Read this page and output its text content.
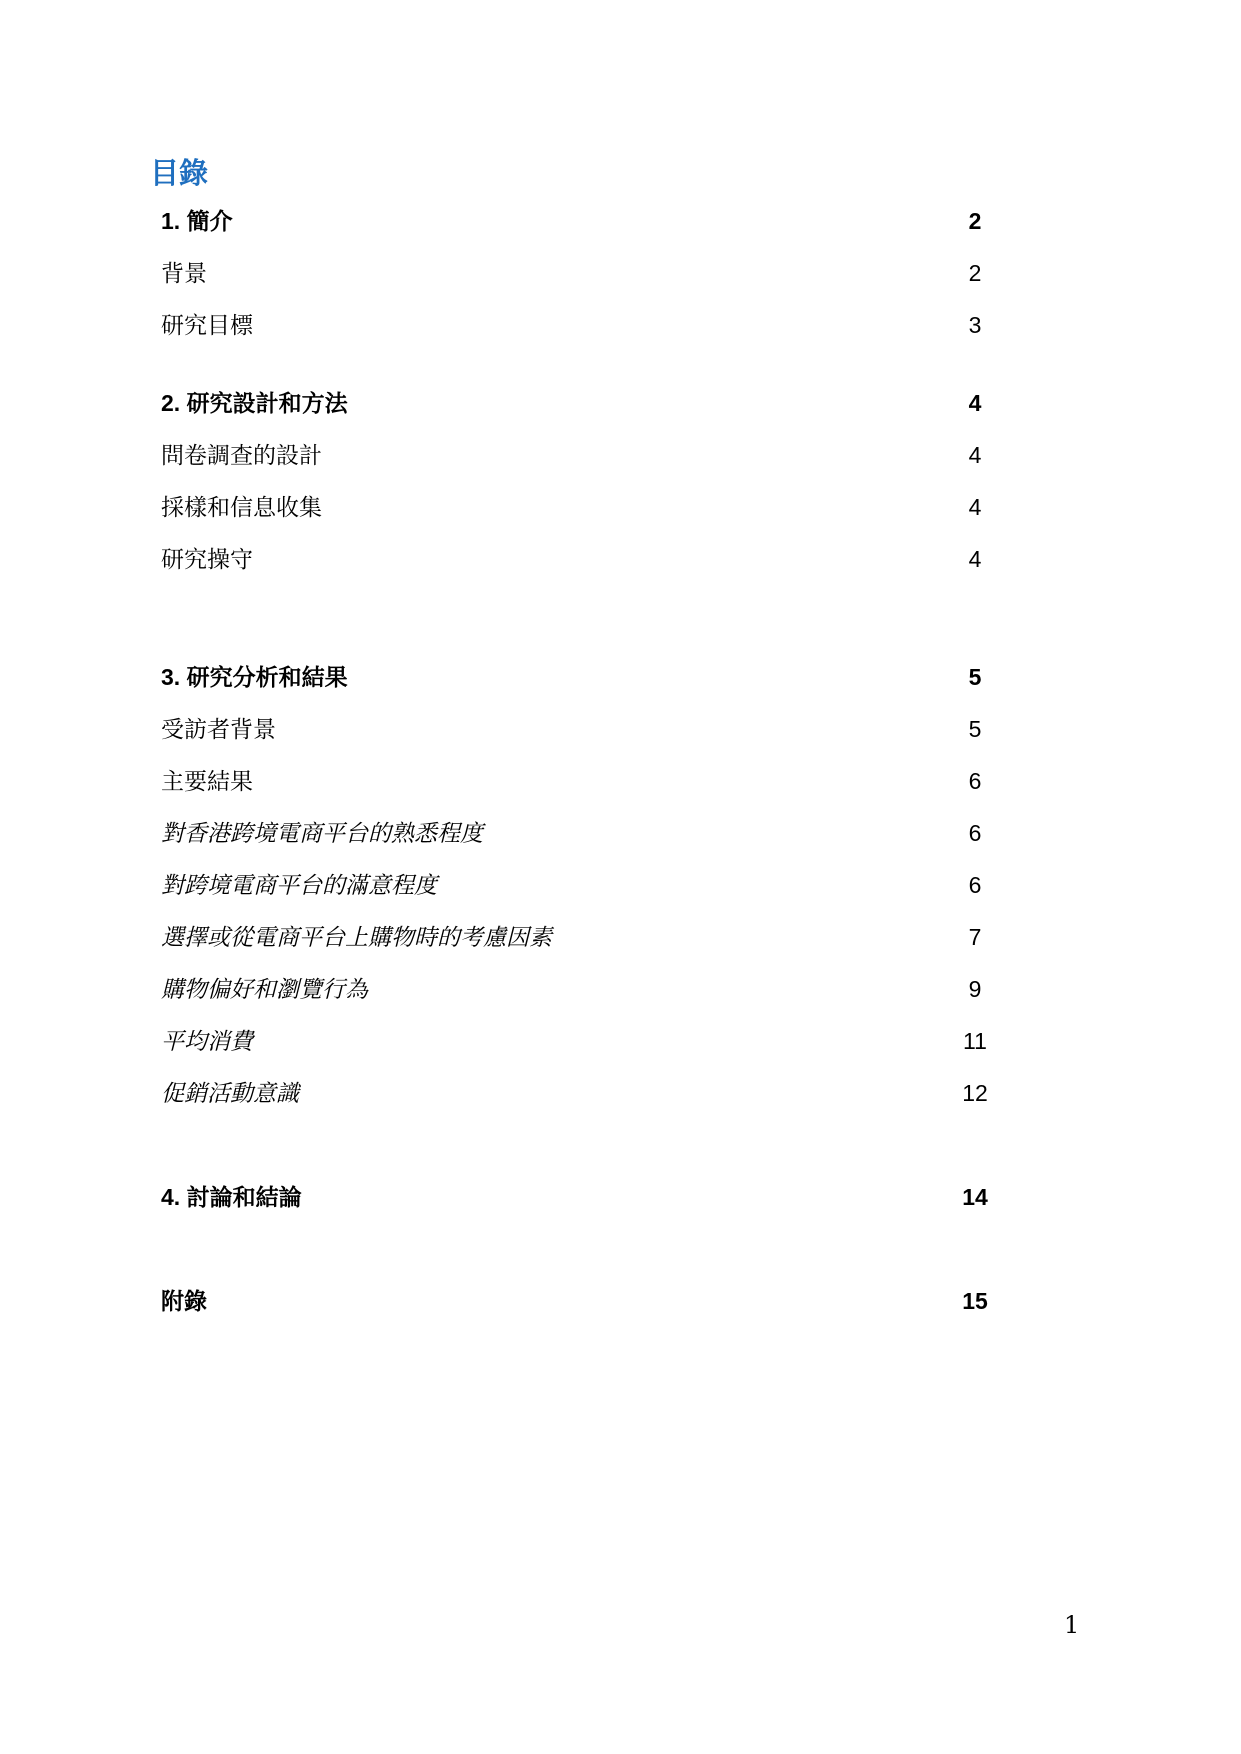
目錄
1. 簡介	2
背景	2
研究目標	3
2. 研究設計和方法	4
問卷調查的設計	4
採樣和信息收集	4
研究操守	4
3. 研究分析和結果	5
受訪者背景	5
主要結果	6
對香港跨境電商平台的熟悉程度	6
對跨境電商平台的滿意程度	6
選擇或從電商平台上購物時的考慮因素	7
購物偏好和瀏覽行為	9
平均消費	11
促銷活動意識	12
4. 討論和結論	14
附錄	15
1
